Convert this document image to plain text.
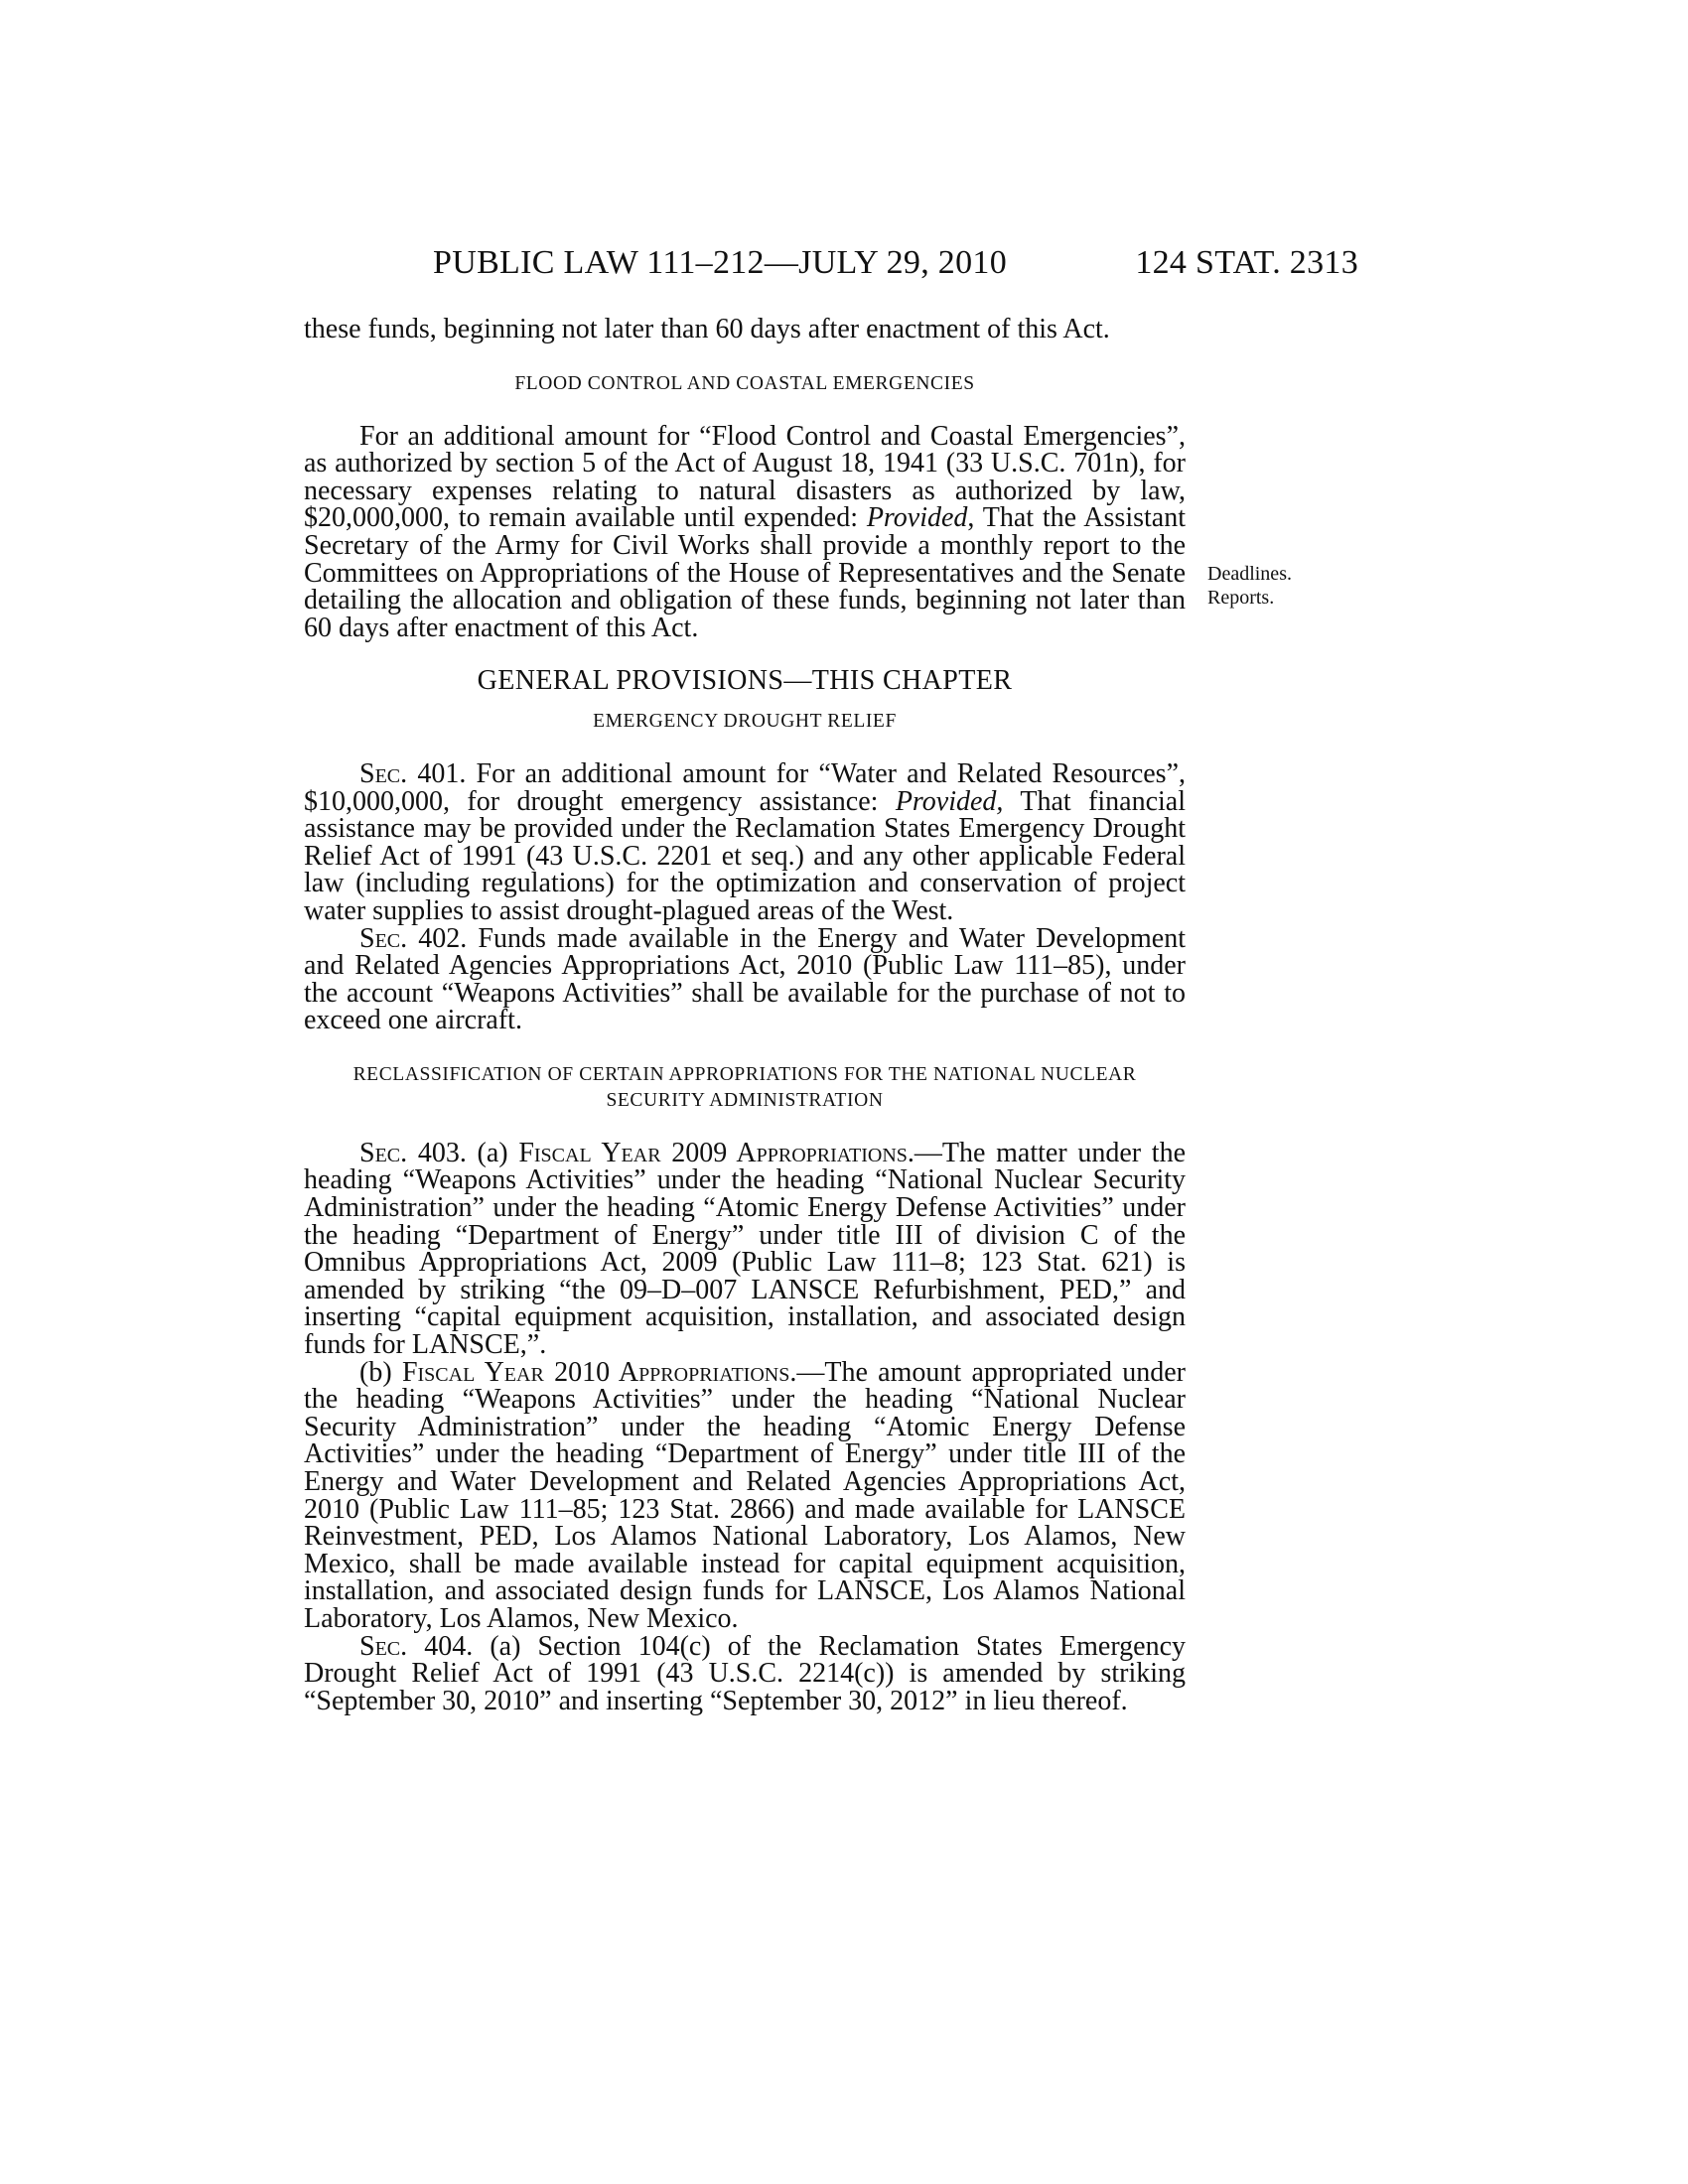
PUBLIC LAW 111–212—JULY 29, 2010	124 STAT. 2313
Deadlines.
Reports.

these funds, beginning not later than 60 days after enactment of this Act.

FLOOD CONTROL AND COASTAL EMERGENCIES

For an additional amount for “Flood Control and Coastal Emergencies”, as authorized by section 5 of the Act of August 18, 1941 (33 U.S.C. 701n), for necessary expenses relating to natural disasters as authorized by law, $20,000,000, to remain available until expended: Provided, That the Assistant Secretary of the Army for Civil Works shall provide a monthly report to the Committees on Appropriations of the House of Representatives and the Senate detailing the allocation and obligation of these funds, beginning not later than 60 days after enactment of this Act.

GENERAL PROVISIONS—THIS CHAPTER
EMERGENCY DROUGHT RELIEF

Sec. 401. For an additional amount for “Water and Related Resources”, $10,000,000, for drought emergency assistance: Provided, That financial assistance may be provided under the Reclamation States Emergency Drought Relief Act of 1991 (43 U.S.C. 2201 et seq.) and any other applicable Federal law (including regulations) for the optimization and conservation of project water supplies to assist drought-plagued areas of the West.

Sec. 402. Funds made available in the Energy and Water Development and Related Agencies Appropriations Act, 2010 (Public Law 111–85), under the account “Weapons Activities” shall be available for the purchase of not to exceed one aircraft.

RECLASSIFICATION OF CERTAIN APPROPRIATIONS FOR THE NATIONAL NUCLEAR SECURITY ADMINISTRATION

Sec. 403. (a) Fiscal Year 2009 Appropriations.—The matter under the heading “Weapons Activities” under the heading “National Nuclear Security Administration” under the heading “Atomic Energy Defense Activities” under the heading “Department of Energy” under title III of division C of the Omnibus Appropriations Act, 2009 (Public Law 111–8; 123 Stat. 621) is amended by striking “the 09–D–007 LANSCE Refurbishment, PED,” and inserting “capital equipment acquisition, installation, and associated design funds for LANSCE,”.

(b) Fiscal Year 2010 Appropriations.—The amount appropriated under the heading “Weapons Activities” under the heading “National Nuclear Security Administration” under the heading “Atomic Energy Defense Activities” under the heading “Department of Energy” under title III of the Energy and Water Development and Related Agencies Appropriations Act, 2010 (Public Law 111–85; 123 Stat. 2866) and made available for LANSCE Reinvestment, PED, Los Alamos National Laboratory, Los Alamos, New Mexico, shall be made available instead for capital equipment acquisition, installation, and associated design funds for LANSCE, Los Alamos National Laboratory, Los Alamos, New Mexico.

Sec. 404. (a) Section 104(c) of the Reclamation States Emergency Drought Relief Act of 1991 (43 U.S.C. 2214(c)) is amended by striking “September 30, 2010” and inserting “September 30, 2012” in lieu thereof.
